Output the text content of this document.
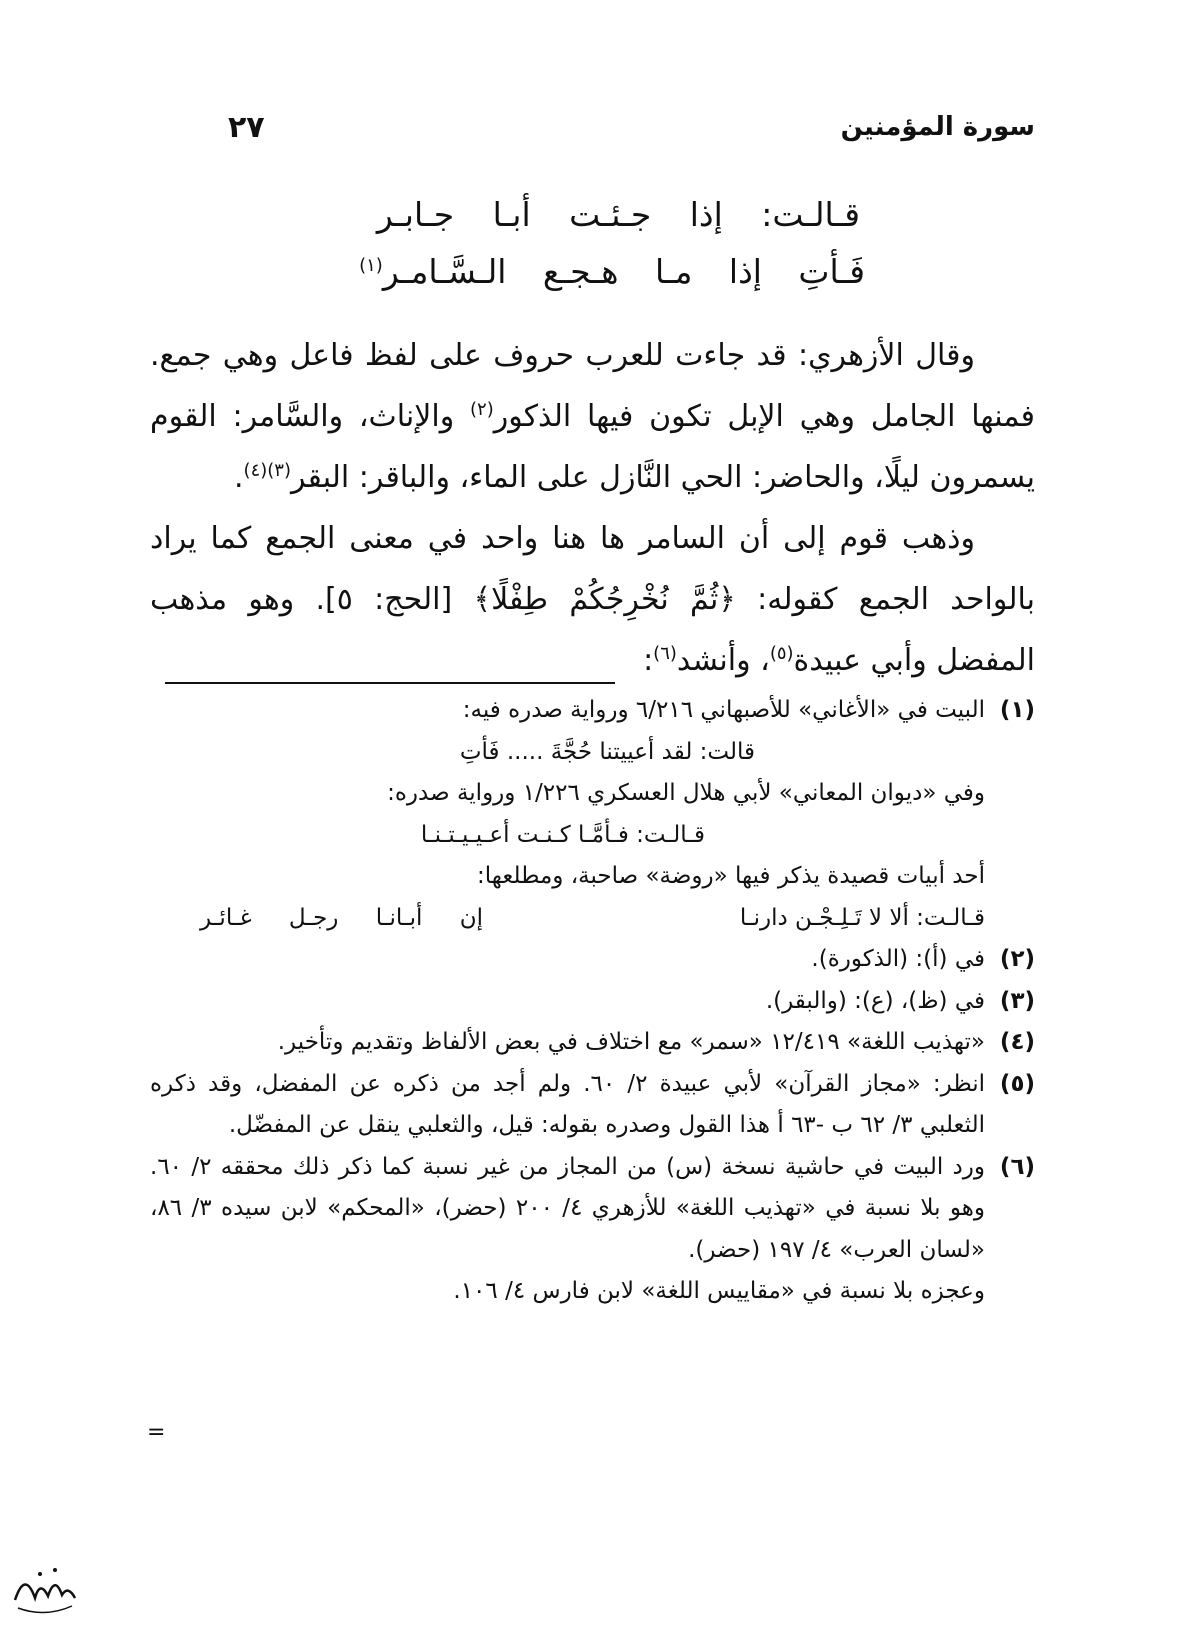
سورة المؤمنين
٢٧
قـالـت: إذا جـئـت أبـا جـابـر
فَـأتِ إذا مـا هـجـع الـسَّـامـر$^{(١)}$

وقال الأزهري: قد جاءت للعرب حروف على لفظ فاعل وهي جمع. فمنها الجامل وهي الإبل تكون فيها الذكور$^{(٢)}$ والإناث، والسَّامر: القوم يسمرون ليلًا، والحاضر: الحي النَّازل على الماء، والباقر: البقر$^{(٣)(٤)}$.

وذهب قوم إلى أن السامر ها هنا واحد في معنى الجمع كما يراد بالواحد الجمع كقوله: ﴿ثُمَّ نُخْرِجُكُمْ طِفْلًا﴾ [الحج: ٥]. وهو مذهب المفضل وأبي عبيدة$^{(٥)}$، وأنشد$^{(٦)}$:

(١)
البيت في «الأغاني» للأصبهاني ٦/٢١٦ ورواية صدره فيه:
قالت: لقد أعييتنا حُجَّةَ ..... فَأتِ
وفي «ديوان المعاني» لأبي هلال العسكري ١/٢٢٦ ورواية صدره:
قـالـت: فـأمَّـا كـنـت أعـيـيـتـنـا
أحد أبيات قصيدة يذكر فيها «روضة» صاحبة، ومطلعها:
قـالـت: ألا لا تَـلِـجْـن دارنـا
إن أبـانـا رجـل غـائـر
(٢)
في (أ): (الذكورة).
(٣)
في (ظ)، (ع): (والبقر).
(٤)
«تهذيب اللغة» ١٢/٤١٩ «سمر» مع اختلاف في بعض الألفاظ وتقديم وتأخير.
(٥)
انظر: «مجاز القرآن» لأبي عبيدة ٢/ ٦٠. ولم أجد من ذكره عن المفضل، وقد ذكره الثعلبي ٣/ ٦٢ ب -٦٣ أ هذا القول وصدره بقوله: قيل، والثعلبي ينقل عن المفضّل.
(٦)
ورد البيت في حاشية نسخة (س) من المجاز من غير نسبة كما ذكر ذلك محققه ٢/ ٦٠. وهو بلا نسبة في «تهذيب اللغة» للأزهري ٤/ ٢٠٠ (حضر)، «المحكم» لابن سيده ٣/ ٨٦، «لسان العرب» ٤/ ١٩٧ (حضر).
وعجزه بلا نسبة في «مقاييس اللغة» لابن فارس ٤/ ١٠٦.
=
